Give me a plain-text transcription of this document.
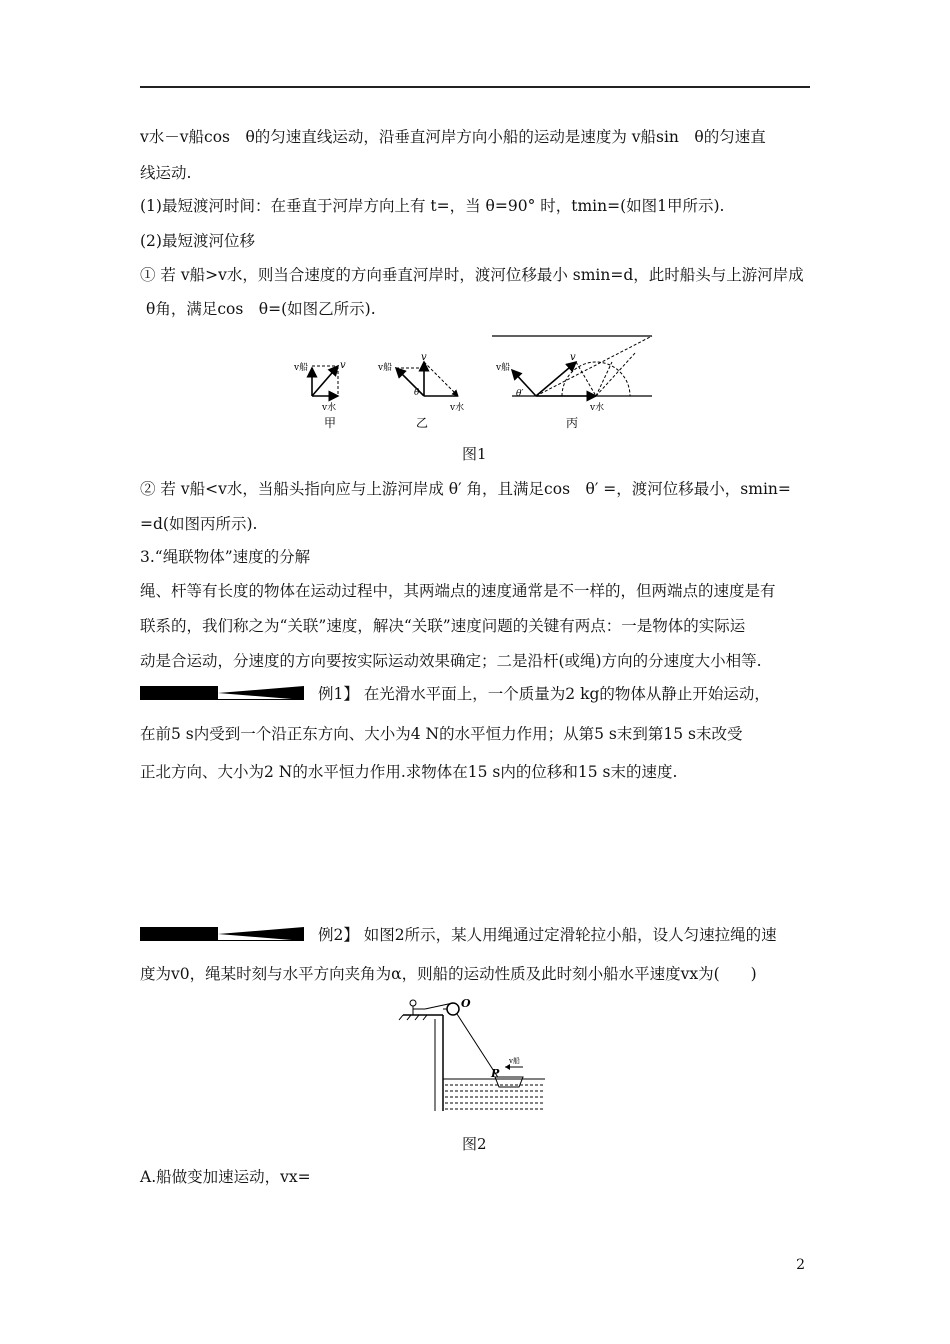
v水－v船cos　θ的匀速直线运动，沿垂直河岸方向小船的运动是速度为 v船sin　θ的匀速直
线运动.
(1)最短渡河时间：在垂直于河岸方向上有 t=，当 θ=90° 时，tmin=(如图1甲所示).
(2)最短渡河位移
① 若 v船>v水，则当合速度的方向垂直河岸时，渡河位移最小 smin=d，此时船头与上游河岸成
θ角，满足cos　θ=(如图乙所示).
v船	v
v水
甲
v船
v
θ
v水
乙
v船
v
θ′
v水
丙
图1
② 若 v船<v水，当船头指向应与上游河岸成 θ′ 角，且满足cos　θ′ =，渡河位移最小，smin=
=d(如图丙所示).
3.“绳联物体”速度的分解
绳、杆等有长度的物体在运动过程中，其两端点的速度通常是不一样的，但两端点的速度是有
联系的，我们称之为“关联”速度，解决“关联”速度问题的关键有两点：一是物体的实际运
动是合运动，分速度的方向要按实际运动效果确定；二是沿杆(或绳)方向的分速度大小相等.
例1】 在光滑水平面上，一个质量为2 kg的物体从静止开始运动，
在前5 s内受到一个沿正东方向、大小为4 N的水平恒力作用；从第5 s末到第15 s末改受
正北方向、大小为2 N的水平恒力作用.求物体在15 s内的位移和15 s末的速度.
例2】 如图2所示，某人用绳通过定滑轮拉小船，设人匀速拉绳的速
度为v0，绳某时刻与水平方向夹角为α，则船的运动性质及此时刻小船水平速度vx为(　　)
O
P
v船
图2
A.船做变加速运动，vx=
2
